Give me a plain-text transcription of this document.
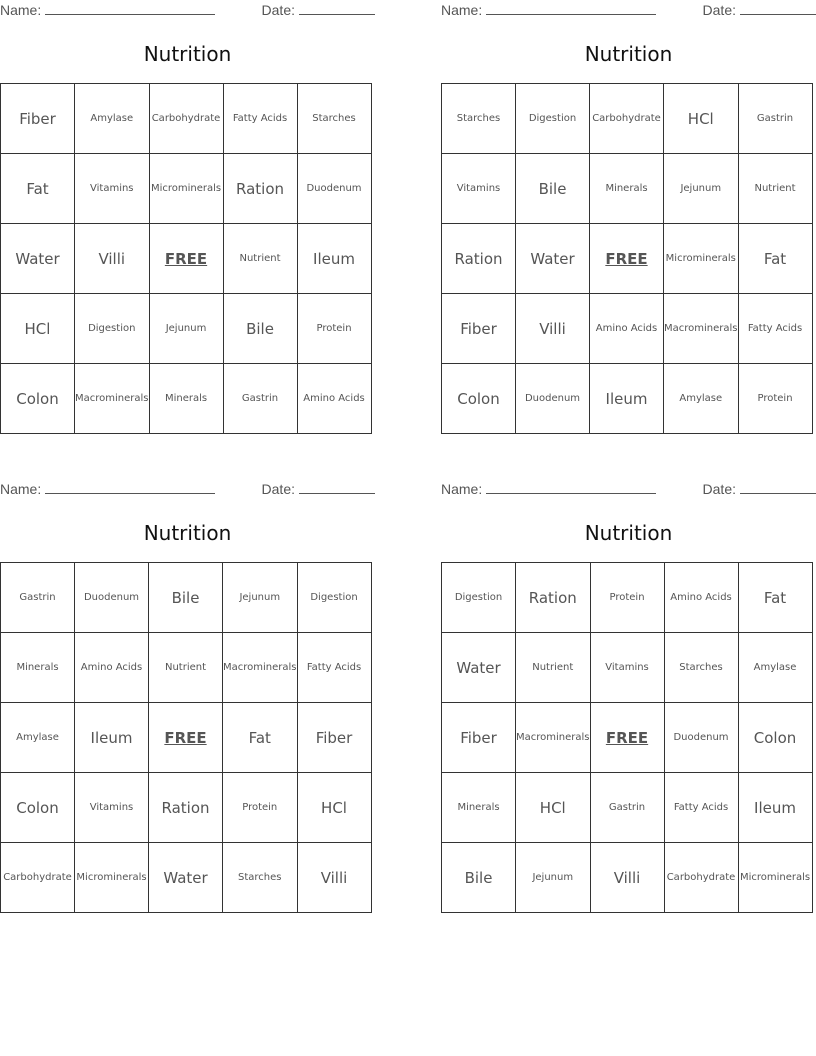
Name:	Date:
Nutrition
Fiber	Amylase	Carbohydrate	Fatty Acids	Starches
Fat	Vitamins	Microminerals	Ration	Duodenum
Water	Villi	FREE	Nutrient	Ileum
HCl	Digestion	Jejunum	Bile	Protein
Colon	Macrominerals	Minerals	Gastrin	Amino Acids
Name:	Date:
Nutrition
Starches	Digestion	Carbohydrate	HCl	Gastrin
Vitamins	Bile	Minerals	Jejunum	Nutrient
Ration	Water	FREE	Microminerals	Fat
Fiber	Villi	Amino Acids	Macrominerals	Fatty Acids
Colon	Duodenum	Ileum	Amylase	Protein
Name:	Date:
Nutrition
Gastrin	Duodenum	Bile	Jejunum	Digestion
Minerals	Amino Acids	Nutrient	Macrominerals	Fatty Acids
Amylase	Ileum	FREE	Fat	Fiber
Colon	Vitamins	Ration	Protein	HCl
Carbohydrate	Microminerals	Water	Starches	Villi
Name:	Date:
Nutrition
Digestion	Ration	Protein	Amino Acids	Fat
Water	Nutrient	Vitamins	Starches	Amylase
Fiber	Macrominerals	FREE	Duodenum	Colon
Minerals	HCl	Gastrin	Fatty Acids	Ileum
Bile	Jejunum	Villi	Carbohydrate	Microminerals
